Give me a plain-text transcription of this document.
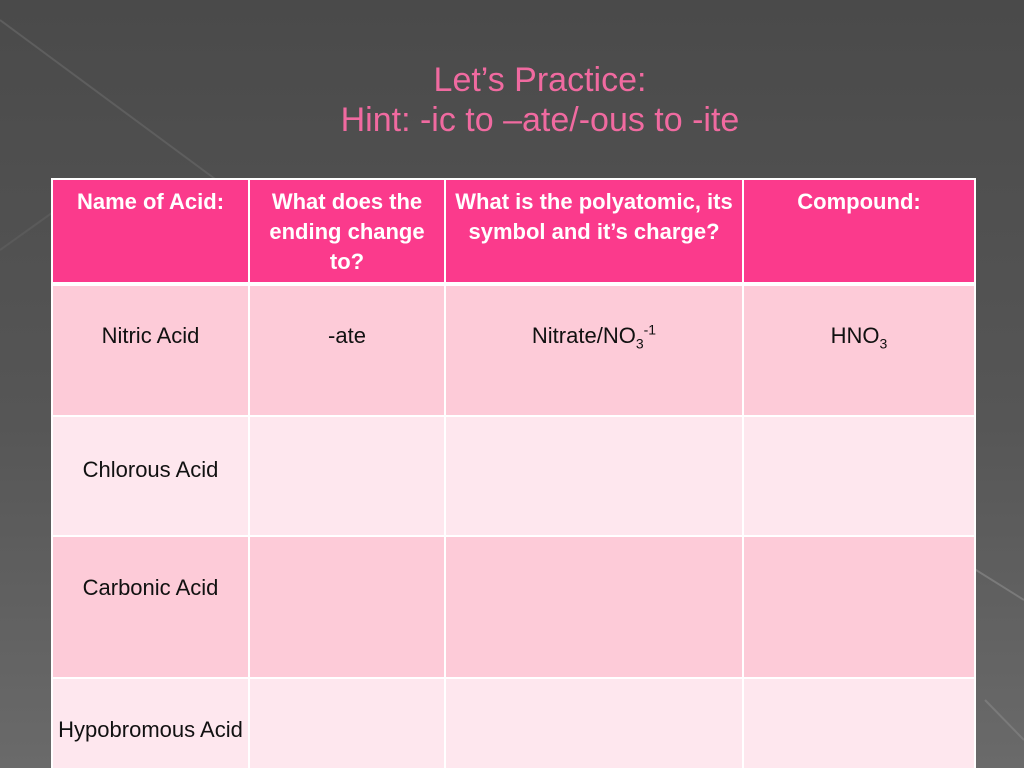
Let’s Practice:
Hint: -ic to –ate/-ous to -ite
Name of Acid:	What does the ending change to?	What is the polyatomic, its symbol and it’s charge?	Compound:
Nitric Acid	-ate	Nitrate/$NO_3^{-1}$	$HNO_3$
Chlorous Acid			
Carbonic Acid			
Hypobromous Acid			
